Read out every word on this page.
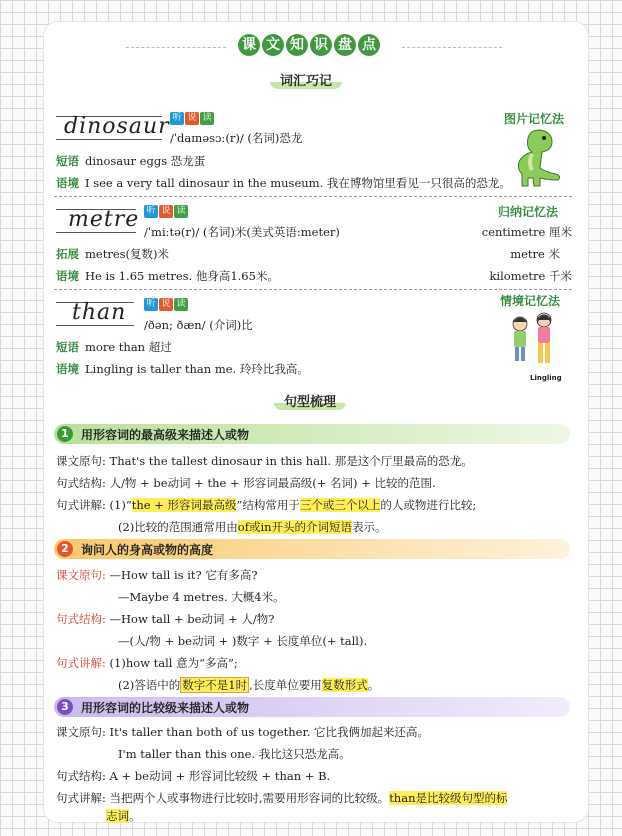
课 文 知 识 盘 点
词汇巧记
dinosaur 听 说 读
/ˈdaɪnəsɔː(r)/ (名词)恐龙
短语 dinosaur eggs 恐龙蛋
语境 I see a very tall dinosaur in the museum. 我在博物馆里看见一只很高的恐龙。
图片记忆法
metre 听 说 读
/ˈmiːtə(r)/ (名词)米(美式英语:meter)
拓展 metres(复数)米
语境 He is 1.65 metres. 他身高1.65米。
归纳记忆法
centimetre 厘米
metre 米
kilometre 千米
than 听 说 读
/ðən; ðæn/ (介词)比
短语 more than 超过
语境 Lingling is taller than me. 玲玲比我高。
情境记忆法
Lingling
句型梳理
1	用形容词的最高级来描述人或物
课文原句: That's the tallest dinosaur in this hall. 那是这个厅里最高的恐龙。
句式结构: 人/物 + be动词 + the + 形容词最高级(+ 名词) + 比较的范围.
句式讲解: (1)“the + 形容词最高级”结构常用于三个或三个以上的人或物进行比较;
(2)比较的范围通常用由of或in开头的介词短语表示。
2	询问人的身高或物的高度
课文原句: —How tall is it? 它有多高?
—Maybe 4 metres. 大概4米。
句式结构: —How tall + be动词 + 人/物?
—(人/物 + be动词 + )数字 + 长度单位(+ tall).
句式讲解: (1)how tall 意为“多高”;
(2)答语中的 数字不是1时 ,长度单位要用复数形式。
3	用形容词的比较级来描述人或物
课文原句: It's taller than both of us together. 它比我俩加起来还高。
I'm taller than this one. 我比这只恐龙高。
句式结构: A + be动词 + 形容词比较级 + than + B.
句式讲解: 当把两个人或事物进行比较时,需要用形容词的比较级。than是比较级句型的标
志词。
